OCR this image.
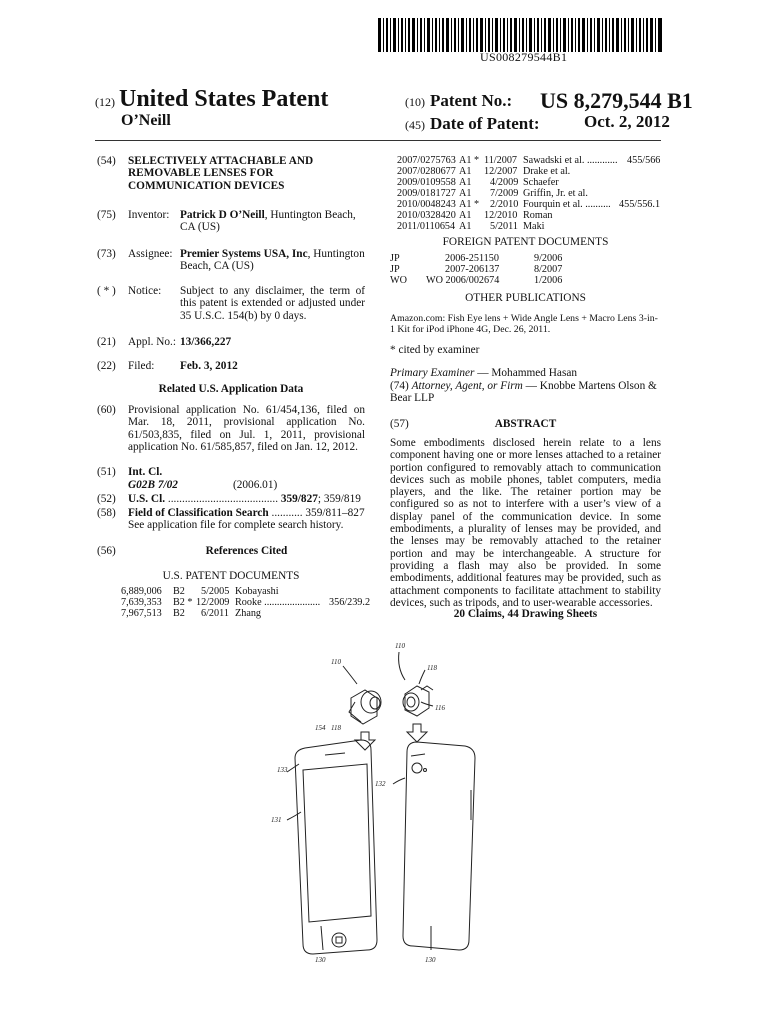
US008279544B1
(12) United States Patent
O’Neill
(10) Patent No.: US 8,279,544 B1
(45) Date of Patent:	Oct. 2, 2012
(54) SELECTIVELY ATTACHABLE AND REMOVABLE LENSES FOR COMMUNICATION DEVICES
(75) Inventor: Patrick D O’Neill, Huntington Beach, CA (US)
(73) Assignee: Premier Systems USA, Inc, Huntington Beach, CA (US)
( * ) Notice: Subject to any disclaimer, the term of this patent is extended or adjusted under 35 U.S.C. 154(b) by 0 days.
(21) Appl. No.: 13/366,227
(22) Filed: Feb. 3, 2012
Related U.S. Application Data
(60) Provisional application No. 61/454,136, filed on Mar. 18, 2011, provisional application No. 61/503,835, filed on Jul. 1, 2011, provisional application No. 61/585,857, filed on Jan. 12, 2012.
(51) Int. Cl.
G02B 7/02	(2006.01)
(52) U.S. Cl. ....................................... 359/827; 359/819
(58) Field of Classification Search ........... 359/811–827
See application file for complete search history.
(56)	References Cited
U.S. PATENT DOCUMENTS
6,889,006 B2 5/2005 Kobayashi
7,639,353 B2 * 12/2009 Rooke ...................... 356/239.2
7,967,513 B2 6/2011 Zhang
2007/0275763 A1 * 11/2007 Sawadski et al. ............ 455/566
2007/0280677 A1 12/2007 Drake et al.
2009/0109558 A1 4/2009 Schaefer
2009/0181727 A1 7/2009 Griffin, Jr. et al.
2010/0048243 A1 * 2/2010 Fourquin et al. .......... 455/556.1
2010/0328420 A1 12/2010 Roman
2011/0110654 A1 5/2011 Maki
FOREIGN PATENT DOCUMENTS
JP	2006-251150	9/2006
JP	2007-206137	8/2007
WO WO 2006/002674	1/2006
OTHER PUBLICATIONS
Amazon.com: Fish Eye lens + Wide Angle Lens + Macro Lens 3-in-1 Kit for iPod iPhone 4G, Dec. 26, 2011.
* cited by examiner
Primary Examiner — Mohammed Hasan
(74) Attorney, Agent, or Firm — Knobbe Martens Olson & Bear LLP
(57)	ABSTRACT
Some embodiments disclosed herein relate to a lens component having one or more lenses attached to a retainer portion configured to removably attach to communication devices such as mobile phones, tablet computers, media players, and the like. The retainer portion may be configured so as not to interfere with a user’s view of a display panel of the communication device. In some embodiments, a plurality of lenses may be provided, and the lenses may be removably attached to the retainer portion and may be interchangeable. A structure for providing a flash may also be provided. In some embodiments, additional features may be provided, such as attachment components to facilitate attachment to stability devices, such as tripods, and to user-wearable accessories.
20 Claims, 44 Drawing Sheets
110
110
118
116
154 118
133
132
131
130	130
